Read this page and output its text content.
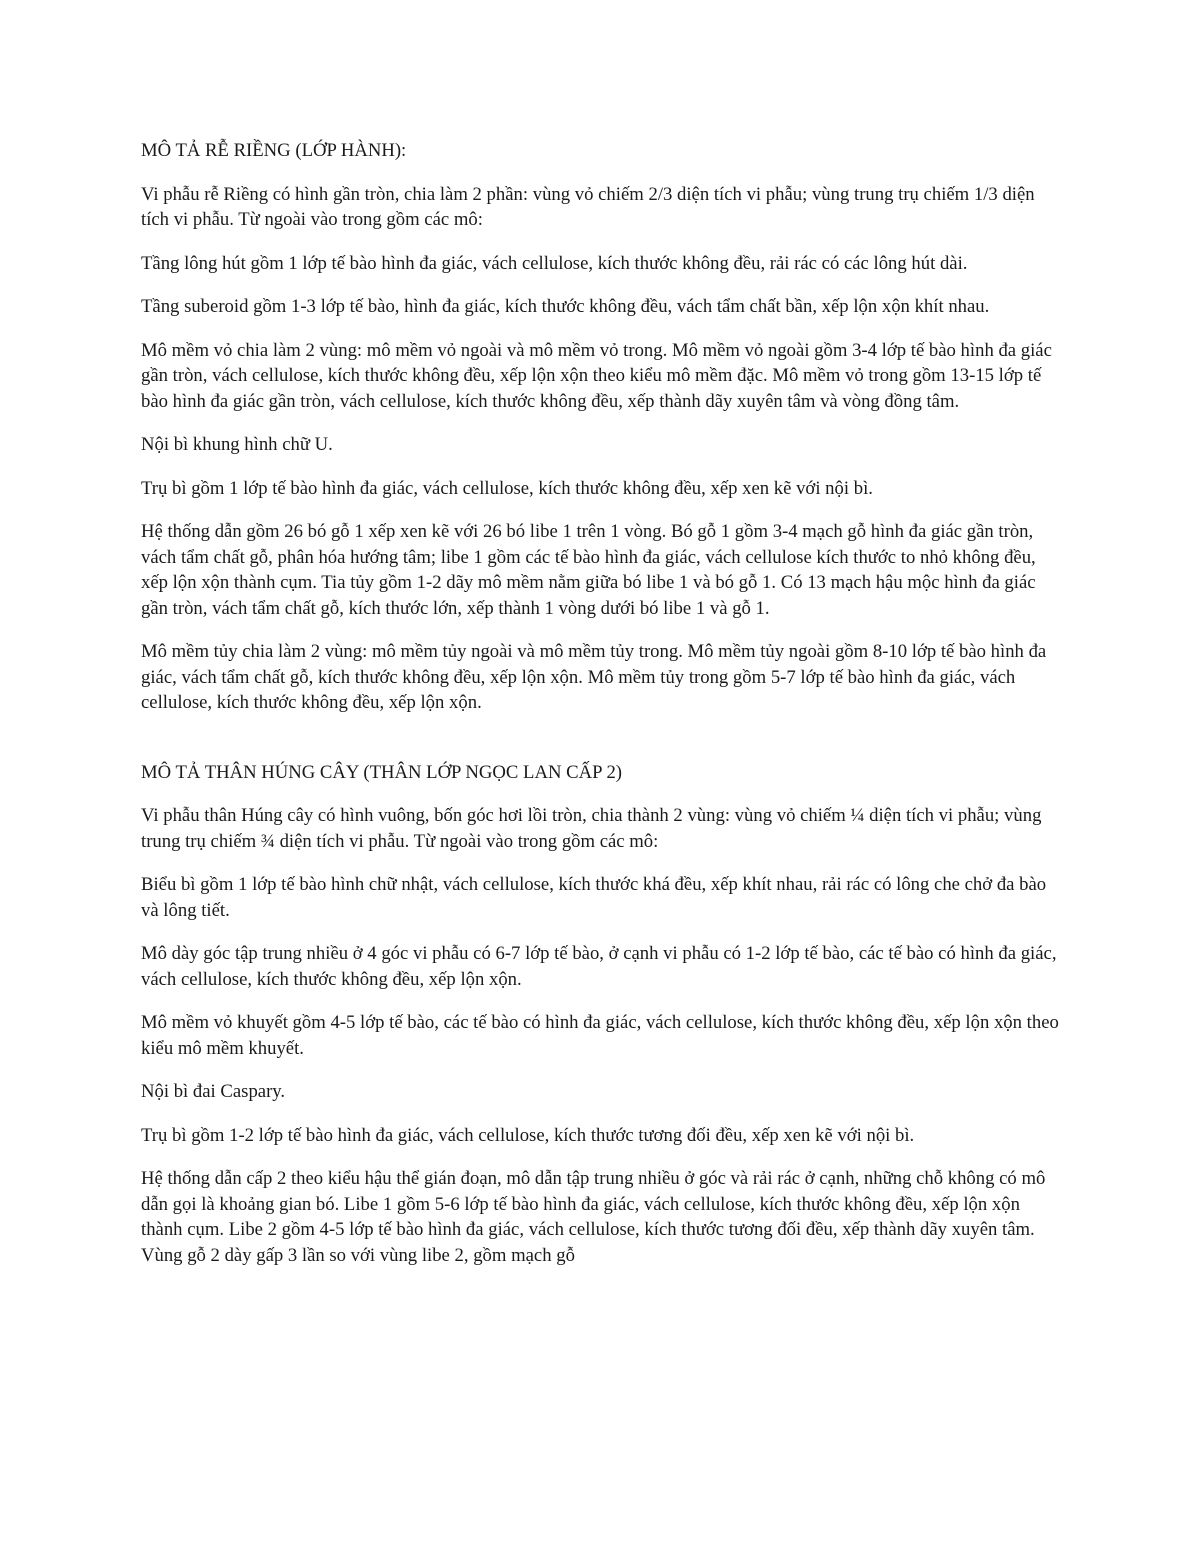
MÔ TẢ RỄ RIỀNG (LỚP HÀNH):

Vi phẫu rễ Riềng có hình gần tròn, chia làm 2 phần: vùng vỏ chiếm 2/3 diện tích vi phẫu; vùng trung trụ chiếm 1/3 diện tích vi phẫu. Từ ngoài vào trong gồm các mô:

Tầng lông hút gồm 1 lớp tế bào hình đa giác, vách cellulose, kích thước không đều, rải rác có các lông hút dài.

Tầng suberoid gồm 1-3 lớp tế bào, hình đa giác, kích thước không đều, vách tẩm chất bần, xếp lộn xộn khít nhau.

Mô mềm vỏ chia làm 2 vùng: mô mềm vỏ ngoài và mô mềm vỏ trong. Mô mềm vỏ ngoài gồm 3-4 lớp tế bào hình đa giác gần tròn, vách cellulose, kích thước không đều, xếp lộn xộn theo kiểu mô mềm đặc. Mô mềm vỏ trong gồm 13-15 lớp tế bào hình đa giác gần tròn, vách cellulose, kích thước không đều, xếp thành dãy xuyên tâm và vòng đồng tâm.

Nội bì khung hình chữ U.

Trụ bì gồm 1 lớp tế bào hình đa giác, vách cellulose, kích thước không đều, xếp xen kẽ với nội bì.

Hệ thống dẫn gồm 26 bó gỗ 1 xếp xen kẽ với 26 bó libe 1 trên 1 vòng. Bó gỗ 1 gồm 3-4 mạch gỗ hình đa giác gần tròn, vách tẩm chất gỗ, phân hóa hướng tâm; libe 1 gồm các tế bào hình đa giác, vách cellulose kích thước to nhỏ không đều, xếp lộn xộn thành cụm. Tia tủy gồm 1-2 dãy mô mềm nằm giữa bó libe 1 và bó gỗ 1. Có 13 mạch hậu mộc hình đa giác gần tròn, vách tẩm chất gỗ, kích thước lớn, xếp thành 1 vòng dưới bó libe 1 và gỗ 1.

Mô mềm tủy chia làm 2 vùng: mô mềm tủy ngoài và mô mềm tủy trong. Mô mềm tủy ngoài gồm 8-10 lớp tế bào hình đa giác, vách tẩm chất gỗ, kích thước không đều, xếp lộn xộn. Mô mềm tủy trong gồm 5-7 lớp tế bào hình đa giác, vách cellulose, kích thước không đều, xếp lộn xộn.

MÔ TẢ THÂN HÚNG CÂY (THÂN LỚP NGỌC LAN CẤP 2)

Vi phẫu thân Húng cây có hình vuông, bốn góc hơi lồi tròn, chia thành 2 vùng: vùng vỏ chiếm ¼ diện tích vi phẫu; vùng trung trụ chiếm ¾ diện tích vi phẫu. Từ ngoài vào trong gồm các mô:

Biểu bì gồm 1 lớp tế bào hình chữ nhật, vách cellulose, kích thước khá đều, xếp khít nhau, rải rác có lông che chở đa bào và lông tiết.

Mô dày góc tập trung nhiều ở 4 góc vi phẫu có 6-7 lớp tế bào, ở cạnh vi phẫu có 1-2 lớp tế bào, các tế bào có hình đa giác, vách cellulose, kích thước không đều, xếp lộn xộn.

Mô mềm vỏ khuyết gồm 4-5 lớp tế bào, các tế bào có hình đa giác, vách cellulose, kích thước không đều, xếp lộn xộn theo kiểu mô mềm khuyết.

Nội bì đai Caspary.

Trụ bì gồm 1-2 lớp tế bào hình đa giác, vách cellulose, kích thước tương đối đều, xếp xen kẽ với nội bì.

Hệ thống dẫn cấp 2 theo kiểu hậu thể gián đoạn, mô dẫn tập trung nhiều ở góc và rải rác ở cạnh, những chỗ không có mô dẫn gọi là khoảng gian bó. Libe 1 gồm 5-6 lớp tế bào hình đa giác, vách cellulose, kích thước không đều, xếp lộn xộn thành cụm. Libe 2 gồm 4-5 lớp tế bào hình đa giác, vách cellulose, kích thước tương đối đều, xếp thành dãy xuyên tâm. Vùng gỗ 2 dày gấp 3 lần so với vùng libe 2, gồm mạch gỗ
